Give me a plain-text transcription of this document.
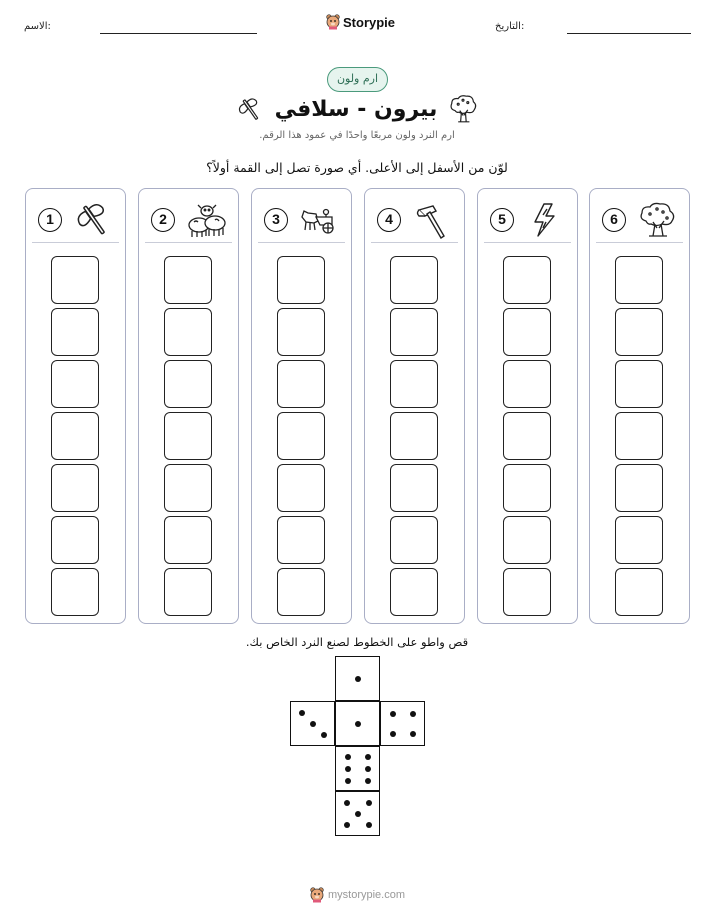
الاسم:	Storypie	التاريخ:
ارم ولون
بيرون - سلافي
ارم النرد ولون مربعًا واحدًا في عمود هذا الرقم.
لوّن من الأسفل إلى الأعلى. أي صورة تصل إلى القمة أولاً؟
1	2	3	4	5	6
قص واطو على الخطوط لصنع النرد الخاص بك.
mystorypie.com
